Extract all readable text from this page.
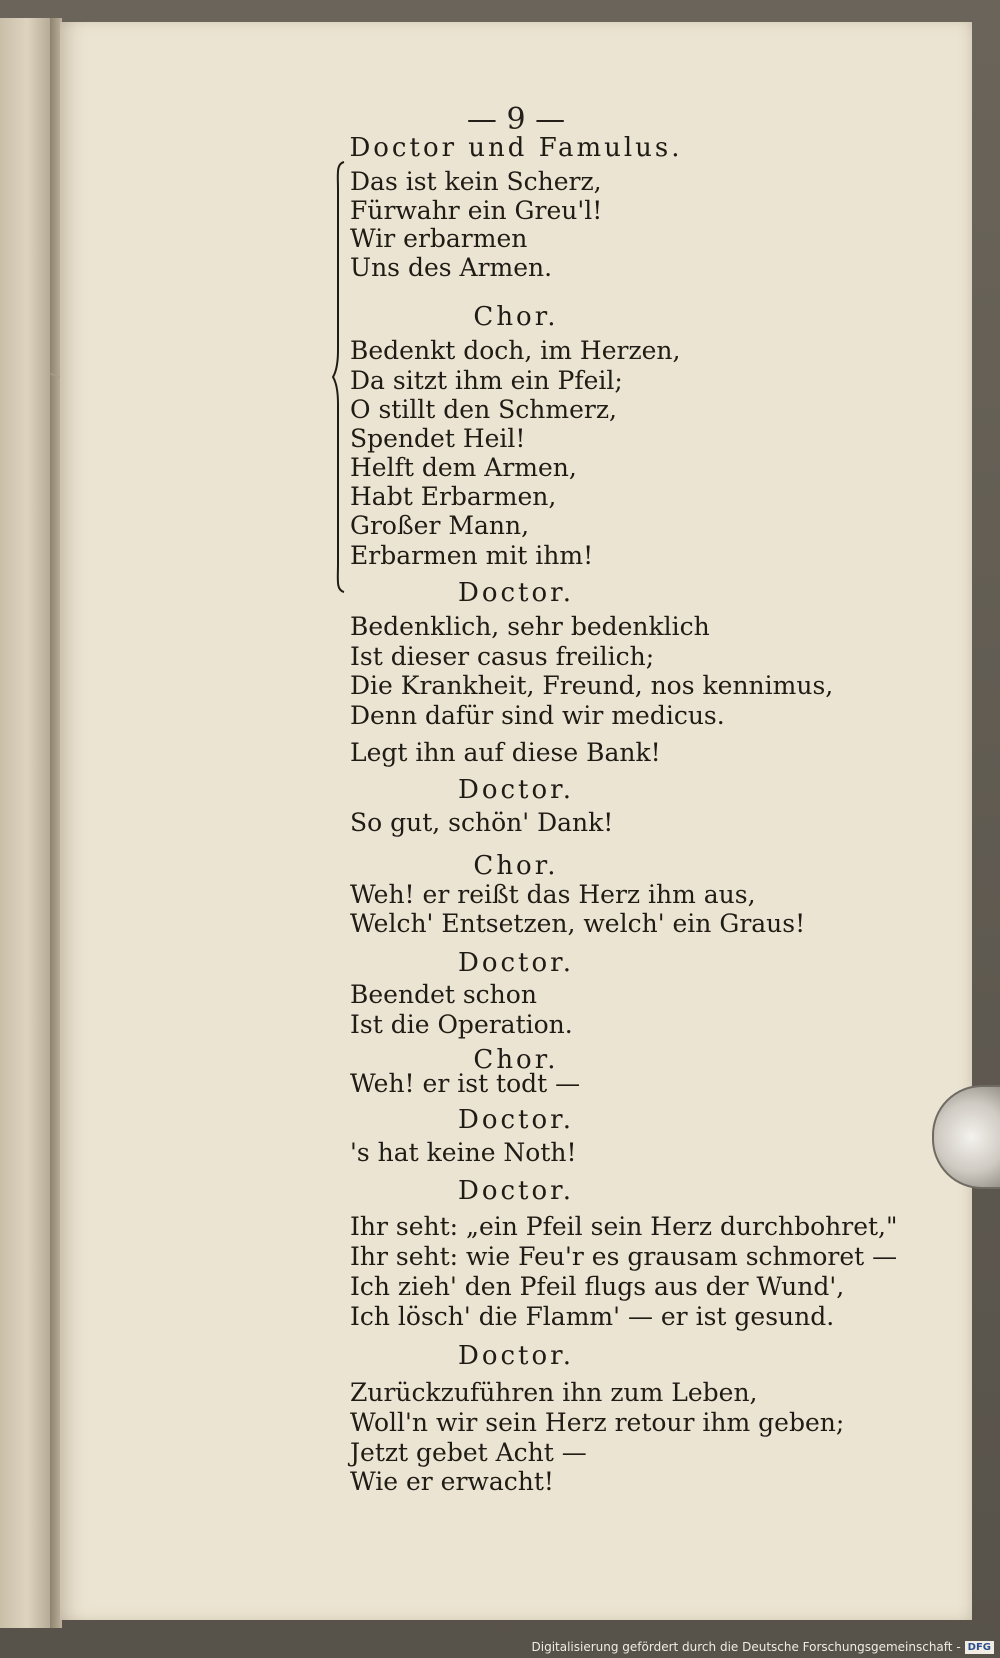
— 9 —
Doctor und Famulus.
Das ist kein Scherz,
Fürwahr ein Greu'l!
Wir erbarmen
Uns des Armen.
Chor.
Bedenkt doch, im Herzen,
Da sitzt ihm ein Pfeil;
O stillt den Schmerz,
Spendet Heil!
Helft dem Armen,
Habt Erbarmen,
Großer Mann,
Erbarmen mit ihm!
Doctor.
Bedenklich, sehr bedenklich
Ist dieser casus freilich;
Die Krankheit, Freund, nos kennimus,
Denn dafür sind wir medicus.
Legt ihn auf diese Bank!
Doctor.
So gut, schön' Dank!
Chor.
Weh! er reißt das Herz ihm aus,
Welch' Entsetzen, welch' ein Graus!
Doctor.
Beendet schon
Ist die Operation.
Chor.
Weh! er ist todt —
Doctor.
's hat keine Noth!
Doctor.
Ihr seht: „ein Pfeil sein Herz durchbohret,"
Ihr seht: wie Feu'r es grausam schmoret —
Ich zieh' den Pfeil flugs aus der Wund',
Ich lösch' die Flamm' — er ist gesund.
Doctor.
Zurückzuführen ihn zum Leben,
Woll'n wir sein Herz retour ihm geben;
Jetzt gebet Acht —
Wie er erwacht!
Digitalisierung gefördert durch die Deutsche Forschungsgemeinschaft - DFG
